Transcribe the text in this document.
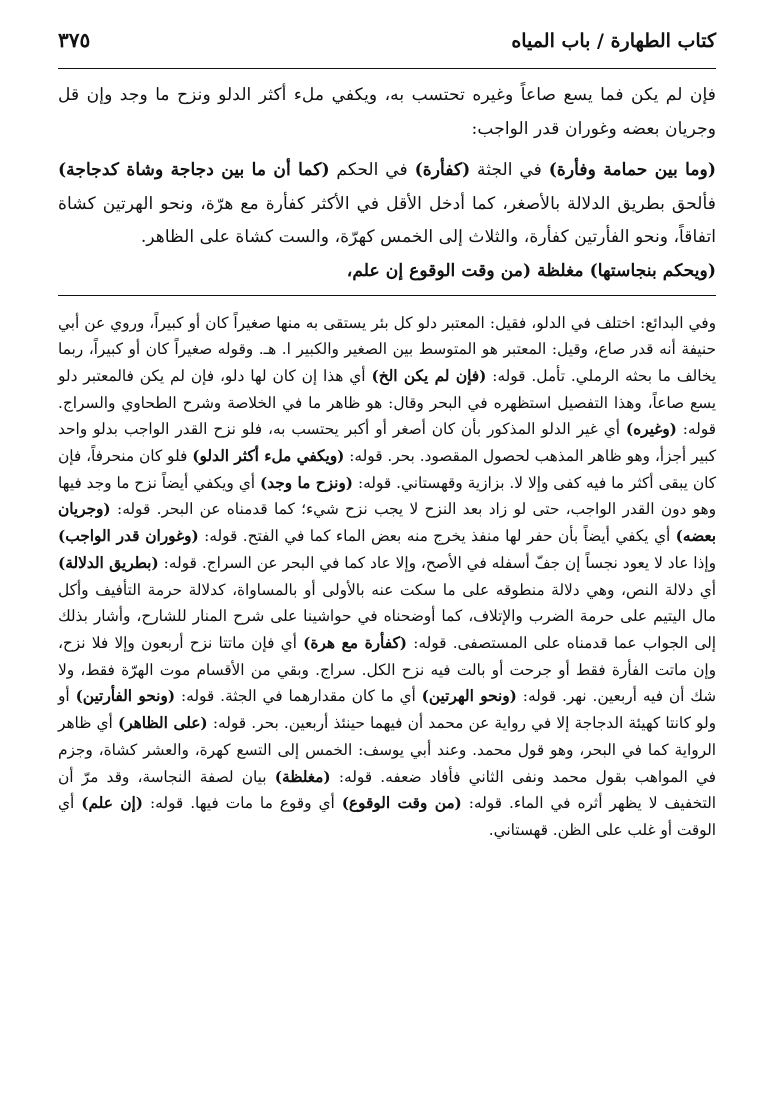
كتاب الطهارة / باب المياه
٣٧٥

فإن لم يكن فما يسع صاعاً وغيره تحتسب به، ويكفي ملء أكثر الدلو ونزح ما وجد وإن قل وجريان بعضه وغوران قدر الواجب:

(وما بين حمامة وفأرة) في الجثة (كفأرة) في الحكم (كما أن ما بين دجاجة وشاة كدجاجة) فألحق بطريق الدلالة بالأصغر، كما أدخل الأقل في الأكثر كفأرة مع هرّة، ونحو الهرتين كشاة اتفاقاً، ونحو الفأرتين كفأرة، والثلاث إلى الخمس كهرّة، والست كشاة على الظاهر.

(ويحكم بنجاستها) مغلظة (من وقت الوقوع إن علم،

وفي البدائع: اختلف في الدلو، فقيل: المعتبر دلو كل بئر يستقى به منها صغيراً كان أو كبيراً، وروي عن أبي حنيفة أنه قدر صاع، وقيل: المعتبر هو المتوسط بين الصغير والكبير ا. هـ. وقوله صغيراً كان أو كبيراً، ربما يخالف ما بحثه الرملي. تأمل. قوله: (فإن لم يكن الخ) أي هذا إن كان لها دلو، فإن لم يكن فالمعتبر دلو يسع صاعاً، وهذا التفصيل استظهره في البحر وقال: هو ظاهر ما في الخلاصة وشرح الطحاوي والسراج. قوله: (وغيره) أي غير الدلو المذكور بأن كان أصغر أو أكبر يحتسب به، فلو نزح القدر الواجب بدلو واحد كبير أجزأ، وهو ظاهر المذهب لحصول المقصود. بحر. قوله: (ويكفي ملء أكثر الدلو) فلو كان منحرفاً، فإن كان يبقى أكثر ما فيه كفى وإلا لا. بزازية وقهستاني. قوله: (ونزح ما وجد) أي ويكفي أيضاً نزح ما وجد فيها وهو دون القدر الواجب، حتى لو زاد بعد النزح لا يجب نزح شيء؛ كما قدمناه عن البحر. قوله: (وجريان بعضه) أي يكفي أيضاً بأن حفر لها منفذ يخرج منه بعض الماء كما في الفتح. قوله: (وغوران قدر الواجب) وإذا عاد لا يعود نجساً إن جفّ أسفله في الأصح، وإلا عاد كما في البحر عن السراج. قوله: (بطريق الدلالة) أي دلالة النص، وهي دلالة منطوقه على ما سكت عنه بالأولى أو بالمساواة، كدلالة حرمة التأفيف وأكل مال اليتيم على حرمة الضرب والإتلاف، كما أوضحناه في حواشينا على شرح المنار للشارح، وأشار بذلك إلى الجواب عما قدمناه على المستصفى. قوله: (كفأرة مع هرة) أي فإن ماتتا نزح أربعون وإلا فلا نزح، وإن ماتت الفأرة فقط أو جرحت أو بالت فيه نزح الكل. سراج. وبقي من الأقسام موت الهرّة فقط، ولا شك أن فيه أربعين. نهر. قوله: (ونحو الهرتين) أي ما كان مقدارهما في الجثة. قوله: (ونحو الفأرتين) أو ولو كانتا كهيئة الدجاجة إلا في رواية عن محمد أن فيهما حينئذ أربعين. بحر. قوله: (على الظاهر) أي ظاهر الرواية كما في البحر، وهو قول محمد. وعند أبي يوسف: الخمس إلى التسع كهرة، والعشر كشاة، وجزم في المواهب بقول محمد ونفى الثاني فأفاد ضعفه. قوله: (مغلظة) بيان لصفة النجاسة، وقد مرّ أن التخفيف لا يظهر أثره في الماء. قوله: (من وقت الوقوع) أي وقوع ما مات فيها. قوله: (إن علم) أي الوقت أو غلب على الظن. قهستاني.
